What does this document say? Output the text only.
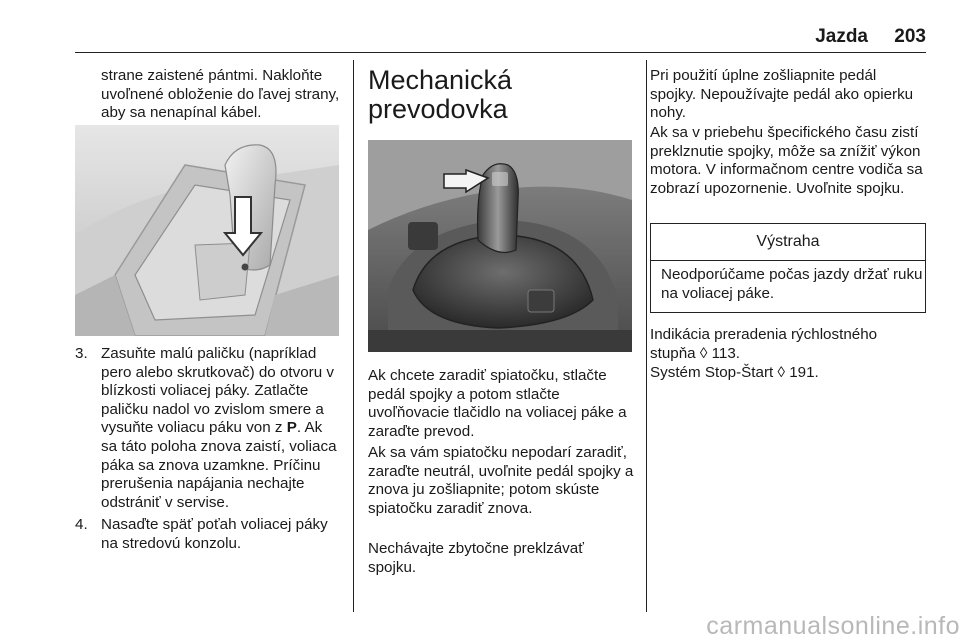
Jazda	203

strane zaistené pántmi. Nakloňte uvoľnené obloženie do ľavej strany, aby sa nenapínal kábel.

3. Zasuňte malú paličku (napríklad pero alebo skrutkovač) do otvoru v blízkosti voliacej páky. Zatlačte paličku nadol vo zvislom smere a vysuňte voliacu páku von z P. Ak sa táto poloha znova zaistí, voliaca páka sa znova uzamkne. Príčinu prerušenia napájania nechajte odstrániť v servise.
4. Nasaďte späť poťah voliacej páky na stredovú konzolu.
Mechanická prevodovka

Ak chcete zaradiť spiatočku, stlačte pedál spojky a potom stlačte uvoľňovacie tlačidlo na voliacej páke a zaraďte prevod.

Ak sa vám spiatočku nepodarí zaradiť, zaraďte neutrál, uvoľnite pedál spojky a znova ju zošliapnite; potom skúste spiatočku zaradiť znova.

Nechávajte zbytočne preklzávať spojku.

Pri použití úplne zošliapnite pedál spojky. Nepoužívajte pedál ako opierku nohy.

Ak sa v priebehu špecifického času zistí preklznutie spojky, môže sa znížiť výkon motora. V informačnom centre vodiča sa zobrazí upozornenie. Uvoľnite spojku.

Výstraha
Neodporúčame počas jazdy držať ruku na voliacej páke.

Indikácia preradenia rýchlostného stupňa ◊ 113.

Systém Stop-Štart ◊ 191.

carmanualsonline.info
